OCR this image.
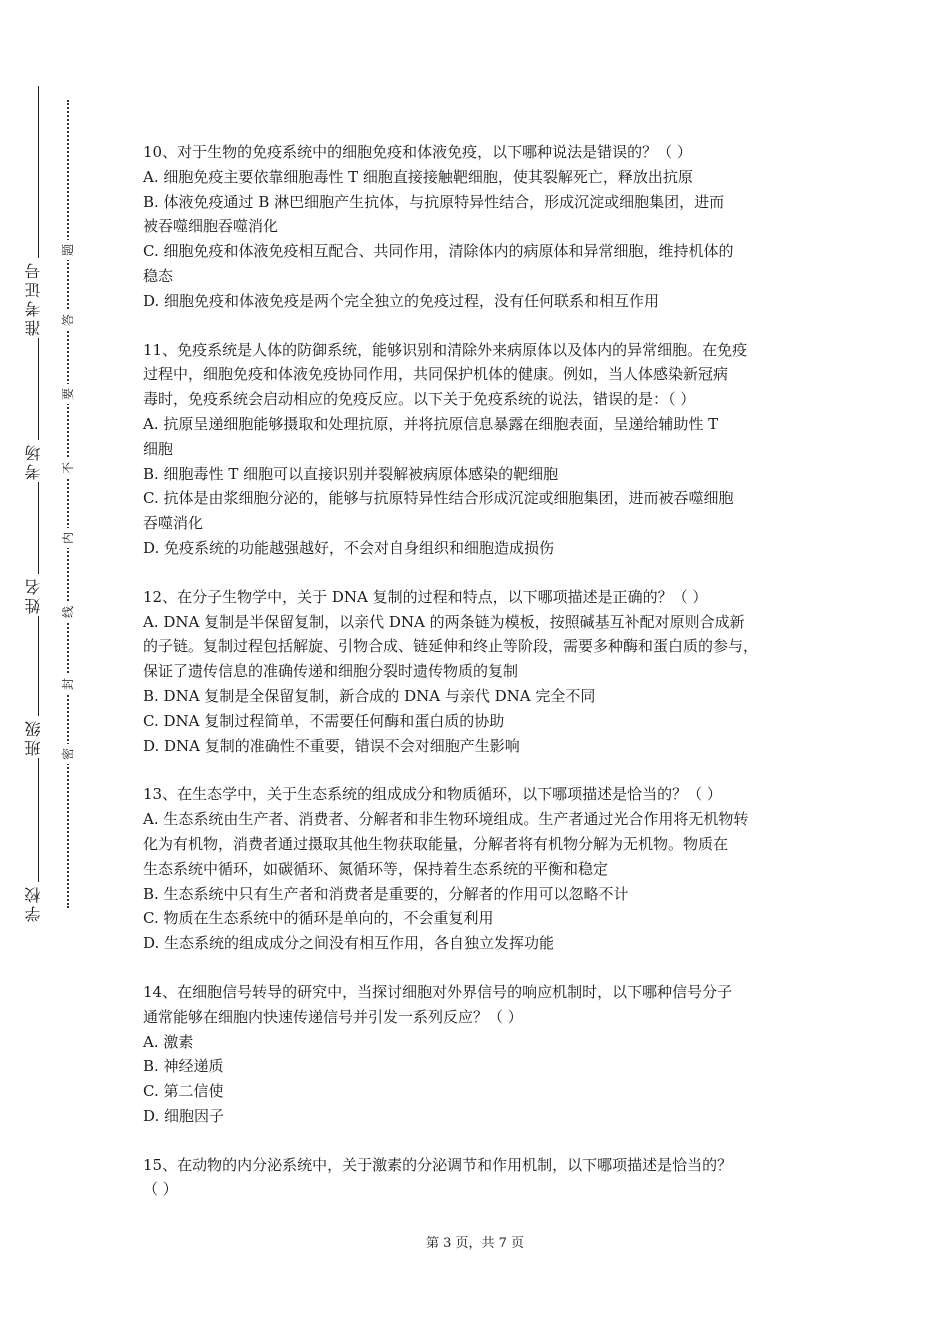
准考证号
考场
姓名
班级
学校
题
答
要
不
内
线
封
密

10、对于生物的免疫系统中的细胞免疫和体液免疫，以下哪种说法是错误的？（ ）

A. 细胞免疫主要依靠细胞毒性 T 细胞直接接触靶细胞，使其裂解死亡，释放出抗原

B. 体液免疫通过 B 淋巴细胞产生抗体，与抗原特异性结合，形成沉淀或细胞集团，进而

被吞噬细胞吞噬消化

C. 细胞免疫和体液免疫相互配合、共同作用，清除体内的病原体和异常细胞，维持机体的

稳态

D. 细胞免疫和体液免疫是两个完全独立的免疫过程，没有任何联系和相互作用

11、免疫系统是人体的防御系统，能够识别和清除外来病原体以及体内的异常细胞。在免疫

过程中，细胞免疫和体液免疫协同作用，共同保护机体的健康。例如，当人体感染新冠病

毒时，免疫系统会启动相应的免疫反应。以下关于免疫系统的说法，错误的是：（ ）

A. 抗原呈递细胞能够摄取和处理抗原，并将抗原信息暴露在细胞表面，呈递给辅助性 T

细胞

B. 细胞毒性 T 细胞可以直接识别并裂解被病原体感染的靶细胞

C. 抗体是由浆细胞分泌的，能够与抗原特异性结合形成沉淀或细胞集团，进而被吞噬细胞

吞噬消化

D. 免疫系统的功能越强越好，不会对自身组织和细胞造成损伤

12、在分子生物学中，关于 DNA 复制的过程和特点，以下哪项描述是正确的？（ ）

A. DNA 复制是半保留复制，以亲代 DNA 的两条链为模板，按照碱基互补配对原则合成新

的子链。复制过程包括解旋、引物合成、链延伸和终止等阶段，需要多种酶和蛋白质的参与，

保证了遗传信息的准确传递和细胞分裂时遗传物质的复制

B. DNA 复制是全保留复制，新合成的 DNA 与亲代 DNA 完全不同

C. DNA 复制过程简单，不需要任何酶和蛋白质的协助

D. DNA 复制的准确性不重要，错误不会对细胞产生影响

13、在生态学中，关于生态系统的组成成分和物质循环，以下哪项描述是恰当的？（ ）

A. 生态系统由生产者、消费者、分解者和非生物环境组成。生产者通过光合作用将无机物转

化为有机物，消费者通过摄取其他生物获取能量，分解者将有机物分解为无机物。物质在

生态系统中循环，如碳循环、氮循环等，保持着生态系统的平衡和稳定

B. 生态系统中只有生产者和消费者是重要的，分解者的作用可以忽略不计

C. 物质在生态系统中的循环是单向的，不会重复利用

D. 生态系统的组成成分之间没有相互作用，各自独立发挥功能

14、在细胞信号转导的研究中，当探讨细胞对外界信号的响应机制时，以下哪种信号分子

通常能够在细胞内快速传递信号并引发一系列反应？（ ）

A. 激素

B. 神经递质

C. 第二信使

D. 细胞因子

15、在动物的内分泌系统中，关于激素的分泌调节和作用机制，以下哪项描述是恰当的？

（ ）

第 3 页，共 7 页
